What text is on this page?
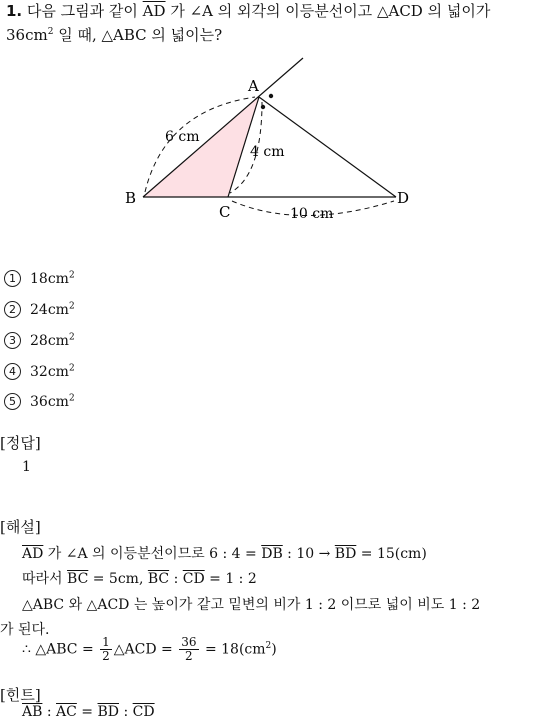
1. 다음 그림과 같이 $\overline{AD}$ 가 ∠A 의 외각의 이등분선이고 △ACD 의 넓이가
$36cm^2$ 일 때, △ABC 의 넓이는?
A
B
C
D
6 cm
4 cm
10 cm
1 $18cm^2$
2 $24cm^2$
3 $28cm^2$
4 $32cm^2$
5 $36cm^2$
[정답]
1
[해설]
$\overline{AD}$ 가 ∠A 의 이등분선이므로 6 : $4 = \overline{DB}$ : $10 \to \overline{BD} = 15(cm)$
따라서 $\overline{BC} = 5cm$, $\overline{BC}$ : $\overline{CD} = 1$ : 2
△ABC 와 △ACD 는 높이가 같고 밑변의 비가 1 : 2 이므로 넓이 비도 1 : 2
가 된다.
∴ △ABC = $\frac{1}{2}$ △ACD = $\frac{36}{2} = 18(cm^2)$
[힌트]
$\overline{AB}$ : $\overline{AC} = \overline{BD}$ : $\overline{CD}$
